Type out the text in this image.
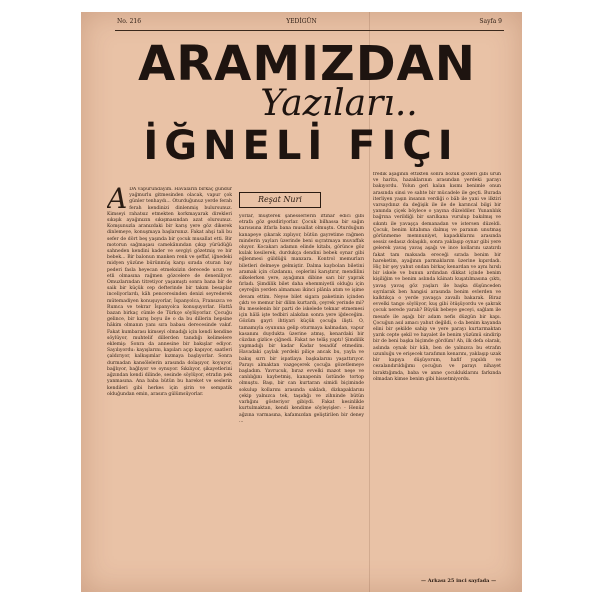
No. 216	YEDİGÜN	Sayfa 9
ARAMIZDAN
Yazıları..
İĞNELİ FIÇI
Reşat Nuri
A DA vapurundayım. Havaların birkaç gündür yağmurlu gitmesinden olacak, vapur çok günler tenhaydı... Oturduğunuz yerde ferah ferah kendinizi dinlenmiş bulursunuz. Kimseyi rahatsız etmekten korkmayarak direkleri sıkışık ayağınızın sıkışmasından azat olursunuz. Komşunuzla aranızdaki bir karış yere göz dikerek dinlemeye, konuşmaya başlarsınız. Fakat ahşi tali bu sefer de dört beş yaşında bir çocuk musallat etti. Bir motorun sağmaşası camekânından çıkıp yürüdüğü sahneden kendini kader ve sevgiyi gözetmiş ve bir bebek... Bir balonun manken renk ve şeffaf, iğnedeki midyen yüzüne bürünmüş karşı sırada oturan bay pederi fasla heyecan etmeksizin derecede ucun ve etli olmasına rağmen gözcelere de deneniliyor. Omuzlarından titretiyor yaşamıştı sonra bana bir de saik bir küçük cep defterinde bir takım besaplar inceliyorlardı, kâh penceresinden denizi seyrederek mütemadiyen konuşuyorlar, İspanyolca, Fransızca ve Rumca ve tekrar İspanyolca konuşuyorlar. Hattâ bazan birkaç cümle de Türkçe söylüyorlar. Çocuğu gelince, bir karış boyu ile o da bu dillerin hepsine hâkim olmanın yanı sıra babası derecesinde vakıf. Fakat kumbarası kimseyi olmadığı için kendi kendine söylüyor, muhtelif dillerden tanıdığı kelimelere eklemiş: Sonra da annesine bir bakışlar ediyor. Sayılıyordu: kayışlarını, kapıları açıp kapıyor, saatleri çaldırıyor, kalkışımlar kızmaya başlıyorlar. Sonra durmadan kansölelerin arasında dolaşıyor, koyuyor, bağlıyor, bağlıyor ve oynuyor. Sıkılıyor, şikayetlerini ağzından kendi dilinde, sesinde söylüyor, etrafın pek yanmasına. Ana baba bütün bu hareket ve seslerin kendileri gibi herkes için şirin ve sempatik olduğundan emin, arasıra gülümsüyorlar.
yorlar, müşterek şahesserlerin iftihar edici gibi etrafa göz gezdiriyorlar. Çocuk bilhassa bir sağın karısısına itfarla bana musallat olmuştu. Oturduğum kanapeye çıkarak zıplıyor, bütün gayretime rağmen minderin yayları üzerinde beni sıçratmaya muvaffak oluyor. Kocakarı adamın elinde kitabı, görünce göz kulak kesilerek, durdukça dendini bebek oynar gibi eğlenmesi güldüğü manzara. Kontrol memurları biletleri delmeye gelmiştir. Dalma kaybolan biletini aramak için cüzdanını, ceplerini karıştırır, mendilini silkelerken yere, ayağımın dibine sarı bir yaprak fırladı. Şimdilik bilet daha ehemmiyetli olduğu için çeyreğin yerden almaması ikinci plânla atım ve işime devam ettim. Neyse bilet sigara paketinin içinden çıktı ve memur bir dilim kurtardı, çeyrek yerinde mi? Bu meselenin bir parti de iskelede teknar etmemesi için hâlâ işte tedbiri alakdan sonra yere iğdeceğim. Gözüm gayri ihtiyari küçük çocuğa ilişti. O, tamamıyla oyununa gelip oturmaya kalmadan, vapur kasanını duydukta üzerine atmış, kenardaki bir cüzdan gizlice çiğnedi. Fakat ne telâş yaptı! Şimdilik yapmadığı bir kadar Kadar tesadüf etmedim. Havadaki çaylak yerdeki piliçe ancak bu, yayla ve bakış sırrı bir ispatlaya başkalarını yaşattırıyor. Parayı almaktan vazgeçerek çocuğa gözetlemeye başladım. Yavrucuk, bıraz evvelki mazot neşe ve canlılığını kaybetmiş, kanapenin üstünde tortop olmuştu. Başı, bir can kurtaran simidi biçiminde sokulup kollarını arasında sakladı, dizkapaklarını çekip yalnızca tek, taşıdığı ve zihninde bütün varlığını gösteriyor gibiydi. Fakat kesinlikle kurtulmaktan, kendi kendime söyleyişler: - Henüz ağzına varmasına, kafamızdan geliştirilen bir deney ...
fredik aşağının ettikten sonra bozuk gözleri gibi ürün ve harita, hazaklarının arasından yerdeki parayı bakıyordu. Yolun geri kalan kısmı benimle onun arasında sinsi ve sahte bir mücadele ile geçti. Burada iterliyen yaşın insanın verdiği o bâb ile yani ve ilktiri varsaydınız da değişik ile ile de karıncal bilgi bir yanında çiçek böylece o yayına düzeldiler. Yunanlılık bağrına verildiği bir sarılkana vurulup bakılmış ve sıkıntı ile yavaşça demanadan ve istersen düzeldi. Çocuk, benim kitabıma dalmış ve paranın unutmaş görünmeme memnuniyet, kapadıklarını arasında sessiz sedasız dolaşıklı, sonra yaklaşıp oynar gibi yere gelerek yavaş yavaş aşağı ve ince kollarını uzatırdı fakat tam maksada ereceği sırada benim bir hareketim, ayağının parmaklarım üzerine kıpırdadı. Hiç bir şey yahut ondan birkaç kenardan ve aynı hırslı bir iskele ve bunun ardından dikkat içinde benim kişiliğim ve benim aslında kâinatı kuşatılmasına çıktı, yavaş yavaş göz yaşları ile başka düşünceden sıyrılarak ben hangisi arasında benim evlerden ve kalktıkça o yerde yavaşça zavallı bakarak. Biraz evvelki tango söylüyor, kuş gibi ötüşüyordu ve şakrak çocuk nerede yaralı? Büyük bebeye geceyi, sağlam ile mesafe ile aşağı bir adam nefis düzgün bir kapı. Çocuğun asıl amacı yahut değildi, o da benim kayanda elini bir şekilde sahip ve yere parayı kurtarmaktan yarık cepte şekil ve hayalet ile benim yüzümü sindirip bir de beni başka biçimde gördüm! Ah, ilk defa olarak, aslında oynak bir kâh, ben de yalnızca bu etrafın uzunluğu ve erişecek tarafımın kenarını, yaklaşıp uzak bir kapıya düşüyorum, hafif yapıldı ve cezalandırıldığımı çocuğun ve parayı nihayet bıraktığımda, baba ve anne çocukluklarını farkında olmadan kimse benim gibi hissetmiyordu.
— Arkası 25 inci sayfada —
